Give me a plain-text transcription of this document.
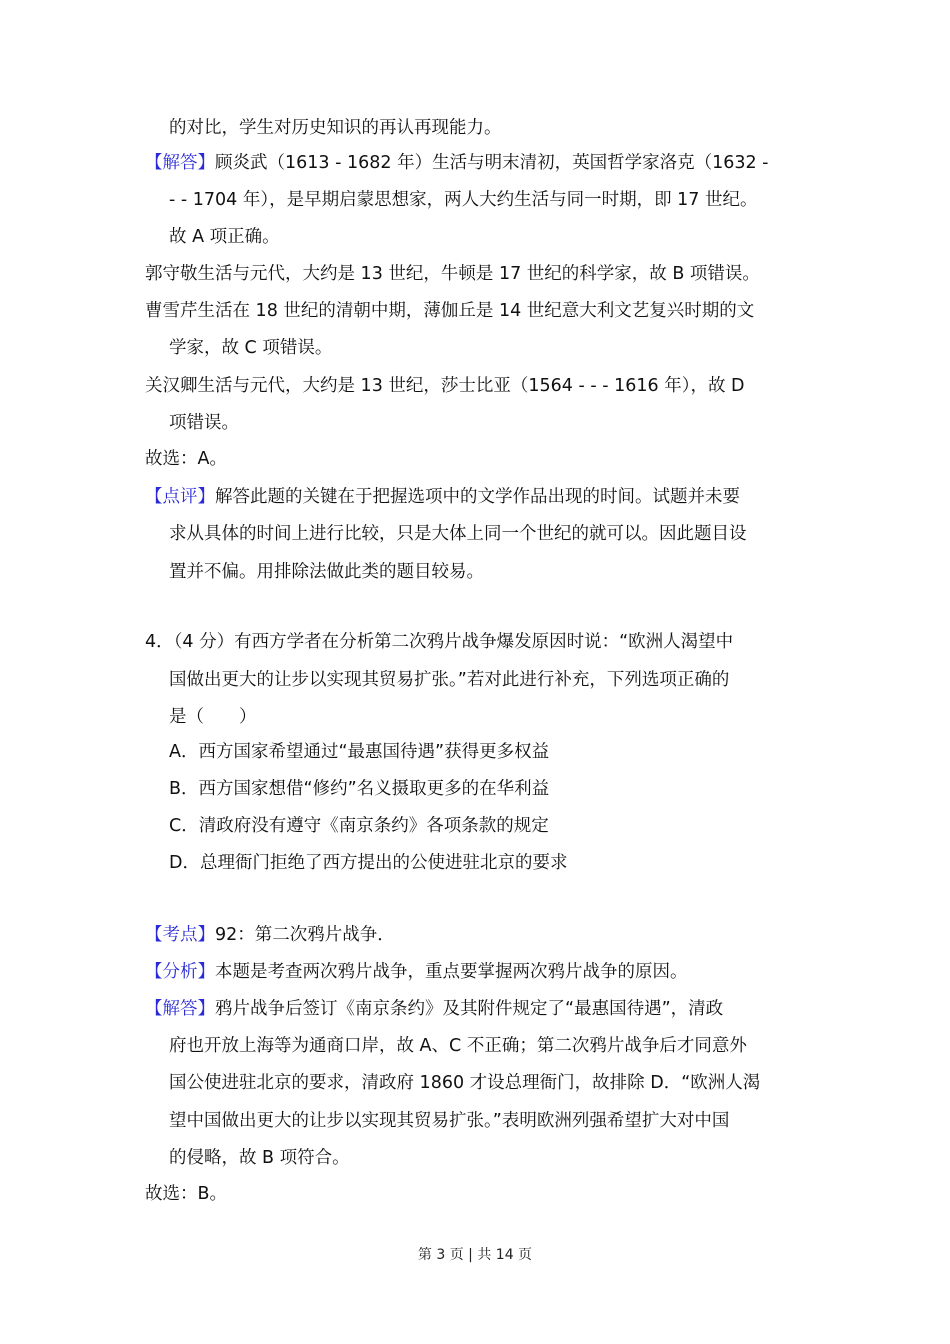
的对比，学生对历史知识的再认再现能力。
【解答】顾炎武（1613 - 1682 年）生活与明末清初，英国哲学家洛克（1632 -
- - 1704 年），是早期启蒙思想家，两人大约生活与同一时期，即 17 世纪。
故 A 项正确。
郭守敬生活与元代，大约是 13 世纪，牛顿是 17 世纪的科学家，故 B 项错误。
曹雪芹生活在 18 世纪的清朝中期，薄伽丘是 14 世纪意大利文艺复兴时期的文
学家，故 C 项错误。
关汉卿生活与元代，大约是 13 世纪，莎士比亚（1564 - - - 1616 年），故 D
项错误。
故选：A。
【点评】解答此题的关键在于把握选项中的文学作品出现的时间。试题并未要
求从具体的时间上进行比较，只是大体上同一个世纪的就可以。因此题目设
置并不偏。用排除法做此类的题目较易。
4．（4 分）有西方学者在分析第二次鸦片战争爆发原因时说：“欧洲人渴望中
国做出更大的让步以实现其贸易扩张。”若对此进行补充，下列选项正确的
是（　　）
A．西方国家希望通过“最惠国待遇”获得更多权益
B．西方国家想借“修约”名义摄取更多的在华利益
C．清政府没有遵守《南京条约》各项条款的规定
D．总理衙门拒绝了西方提出的公使进驻北京的要求
【考点】92：第二次鸦片战争．
【分析】本题是考查两次鸦片战争，重点要掌握两次鸦片战争的原因。
【解答】鸦片战争后签订《南京条约》及其附件规定了“最惠国待遇”，清政
府也开放上海等为通商口岸，故 A、C 不正确；第二次鸦片战争后才同意外
国公使进驻北京的要求，清政府 1860 才设总理衙门，故排除 D．“欧洲人渴
望中国做出更大的让步以实现其贸易扩张。”表明欧洲列强希望扩大对中国
的侵略，故 B 项符合。
故选：B。
第 3 页 | 共 14 页
